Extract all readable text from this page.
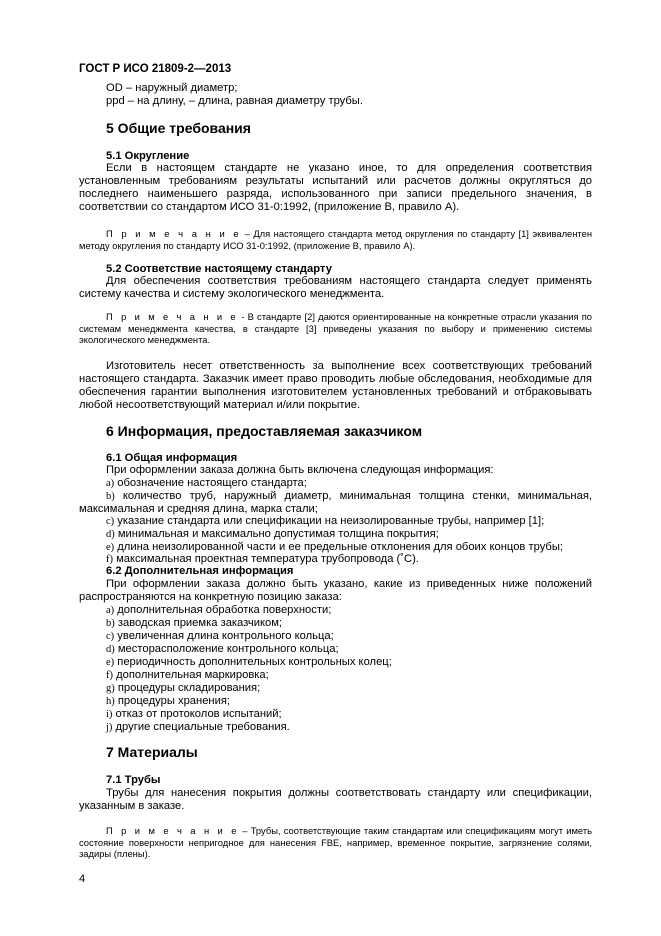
ГОСТ Р ИСО 21809-2—2013

OD – наружный диаметр;

ppd – на длину, – длина, равная диаметру трубы.

5 Общие требования
5.1 Округление

Если в настоящем стандарте не указано иное, то для определения соответствия установленным требованиям результаты испытаний или расчетов должны округляться до последнего наименьшего разряда, использованного при записи предельного значения, в соответствии со стандартом ИСО 31-0:1992, (приложение В, правило А).

П р и м е ч а н и е – Для настоящего стандарта метод округления по стандарту [1] эквивалентен методу округления по стандарту ИСО 31-0:1992, (приложение В, правило А).

5.2 Соответствие настоящему стандарту

Для обеспечения соответствия требованиям настоящего стандарта следует применять систему качества и систему экологического менеджмента.

П р и м е ч а н и е - В стандарте [2] даются ориентированные на конкретные отрасли указания по системам менеджмента качества, в стандарте [3] приведены указания по выбору и применению системы экологического менеджмента.

Изготовитель несет ответственность за выполнение всех соответствующих требований настоящего стандарта. Заказчик имеет право проводить любые обследования, необходимые для обеспечения гарантии выполнения изготовителем установленных требований и отбраковывать любой несоответствующий материал и/или покрытие.

6 Информация, предоставляемая заказчиком
6.1 Общая информация

При оформлении заказа должна быть включена следующая информация:

a) обозначение настоящего стандарта;

b) количество труб, наружный диаметр, минимальная толщина стенки, минимальная, максимальная и средняя длина, марка стали;

c) указание стандарта или спецификации на неизолированные трубы, например [1];

d) минимальная и максимально допустимая толщина покрытия;

e) длина неизолированной части и ее предельные отклонения для обоих концов трубы;

f) максимальная проектная температура трубопровода (˚С).

6.2 Дополнительная информация

При оформлении заказа должно быть указано, какие из приведенных ниже положений распространяются на конкретную позицию заказа:

a) дополнительная обработка поверхности;

b) заводская приемка заказчиком;

c) увеличенная длина контрольного кольца;

d) месторасположение контрольного кольца;

e) периодичность дополнительных контрольных колец;

f) дополнительная маркировка;

g) процедуры складирования;

h) процедуры хранения;

i) отказ от протоколов испытаний;

j) другие специальные требования.

7 Материалы
7.1 Трубы

Трубы для нанесения покрытия должны соответствовать стандарту или спецификации, указанным в заказе.

П р и м е ч а н и е – Трубы, соответствующие таким стандартам или спецификациям могут иметь состояние поверхности непригодное для нанесения FBE, например, временное покрытие, загрязнение солями, задиры (плены).

4
